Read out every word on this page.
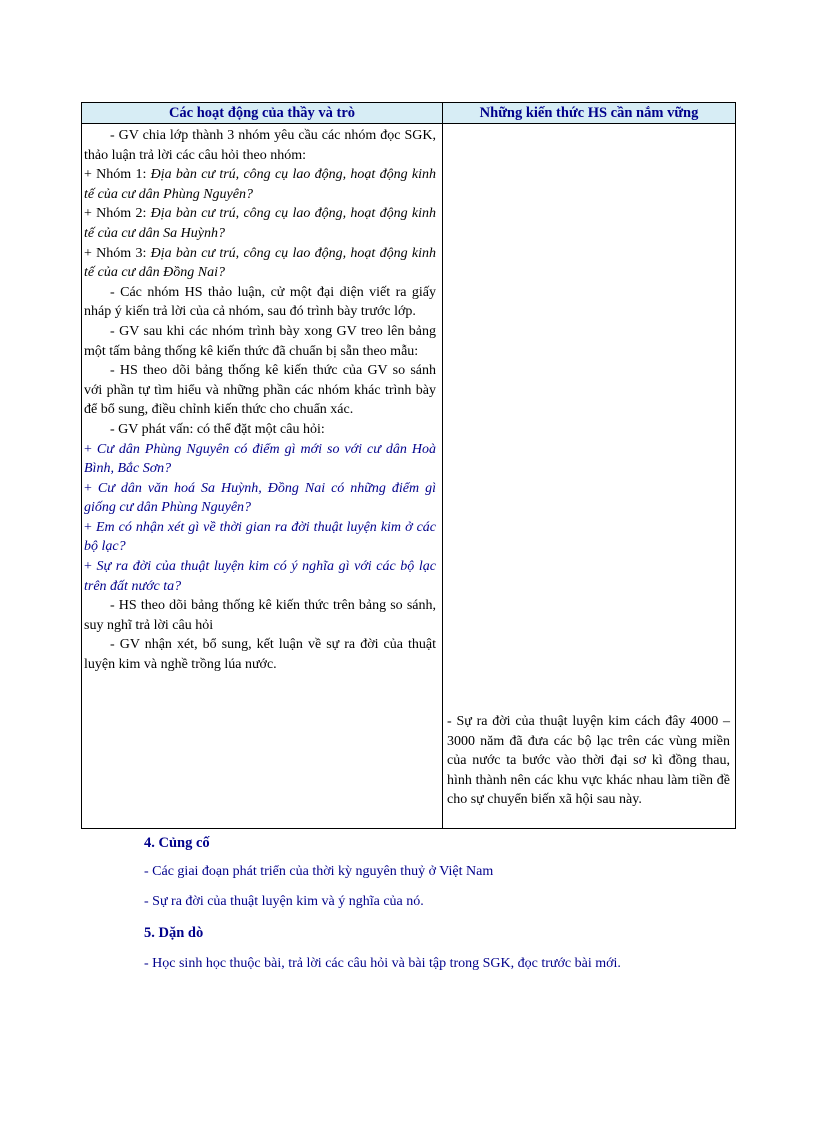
Các hoạt động của thầy và trò	Những kiến thức HS cần nắm vững

- GV chia lớp thành 3 nhóm yêu cầu các nhóm đọc SGK, thảo luận trả lời các câu hỏi theo nhóm:

+ Nhóm 1: Địa bàn cư trú, công cụ lao động, hoạt động kinh tế của cư dân Phùng Nguyên?

+ Nhóm 2: Địa bàn cư trú, công cụ lao động, hoạt động kinh tế của cư dân Sa Huỳnh?

+ Nhóm 3: Địa bàn cư trú, công cụ lao động, hoạt động kinh tế của cư dân Đồng Nai?

- Các nhóm HS thảo luận, cử một đại diện viết ra giấy nháp ý kiến trả lời của cả nhóm, sau đó trình bày trước lớp.

- GV sau khi các nhóm trình bày xong GV treo lên bảng một tấm bảng thống kê kiến thức đã chuẩn bị sẵn theo mẫu:

- HS theo dõi bảng thống kê kiến thức của GV so sánh với phần tự tìm hiểu và những phần các nhóm khác trình bày để bổ sung, điều chỉnh kiến thức cho chuẩn xác.

- GV phát vấn: có thể đặt một câu hỏi:

+ Cư dân Phùng Nguyên có điểm gì mới so với cư dân Hoà Bình, Bắc Sơn?

+ Cư dân văn hoá Sa Huỳnh, Đồng Nai có những điểm gì giống cư dân Phùng Nguyên?

+ Em có nhận xét gì về thời gian ra đời thuật luyện kim ở các bộ lạc?

+ Sự ra đời của thuật luyện kim có ý nghĩa gì với các bộ lạc trên đất nước ta?

- HS theo dõi bảng thống kê kiến thức trên bảng so sánh, suy nghĩ trả lời câu hỏi

- GV nhận xét, bổ sung, kết luận về sự ra đời của thuật luyện kim và nghề trồng lúa nước.

- Sự ra đời của thuật luyện kim cách đây 4000 – 3000 năm đã đưa các bộ lạc trên các vùng miền của nước ta bước vào thời đại sơ kì đồng thau, hình thành nên các khu vực khác nhau làm tiền đề cho sự chuyển biến xã hội sau này.

4. Củng cố
- Các giai đoạn phát triển của thời kỳ nguyên thuỷ ở Việt Nam
- Sự ra đời của thuật luyện kim và ý nghĩa của nó.
5. Dặn dò
- Học sinh học thuộc bài, trả lời các câu hỏi và bài tập trong SGK, đọc trước bài mới.
